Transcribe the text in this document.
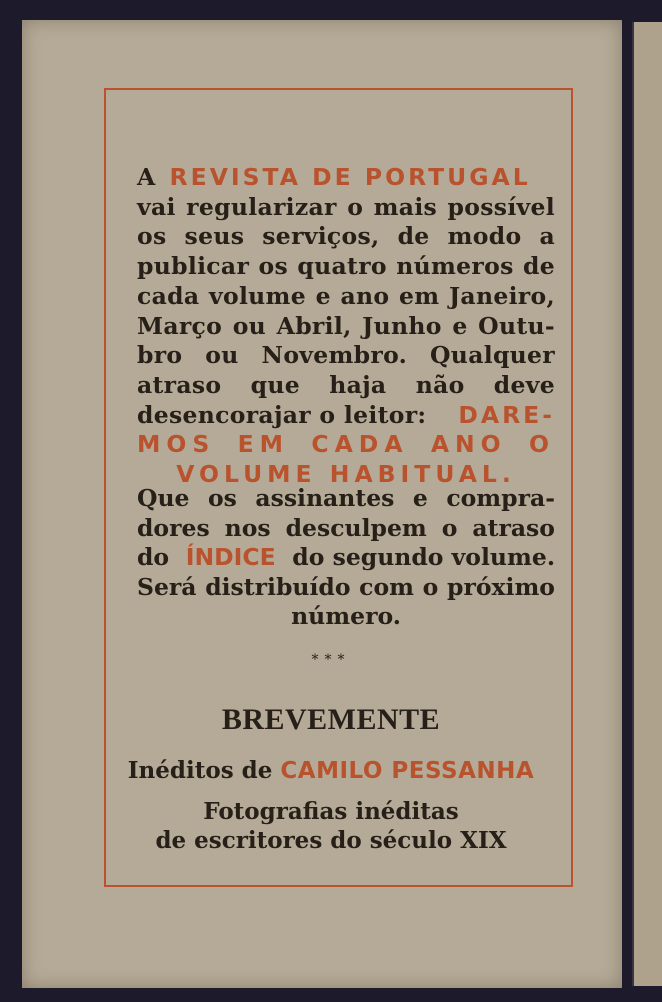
A REVISTA DE PORTUGAL
vai regularizar o mais possível
os seus serviços, de modo a
publicar os quatro números de
cada volume e ano em Janeiro,
Março ou Abril, Junho e Outu-
bro ou Novembro. Qualquer
atraso que haja não deve
desencorajar o leitor: DARE-
MOS EM CADA ANO O
VOLUME HABITUAL.
Que os assinantes e compra-
dores nos desculpem o atraso
do ÍNDICE do segundo volume.
Será distribuído com o próximo
número.
***
BREVEMENTE
Inéditos de CAMILO PESSANHA
Fotografias inéditas
de escritores do século XIX
